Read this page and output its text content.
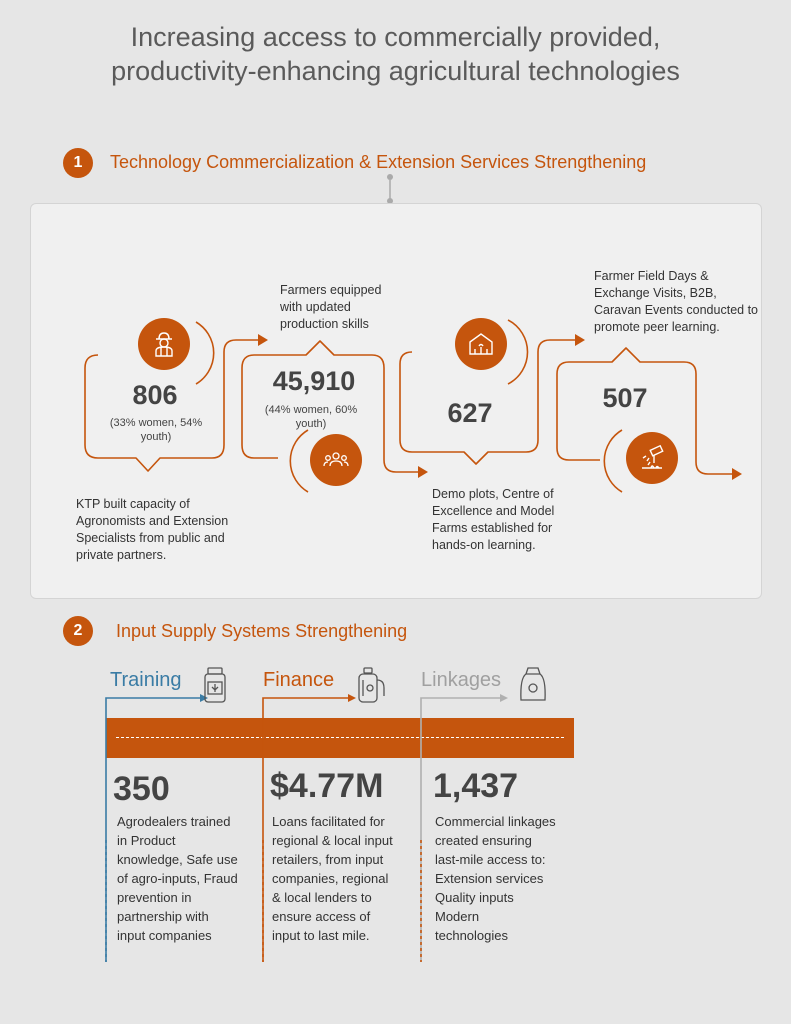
Increasing access to commercially provided,
productivity-enhancing agricultural technologies
1	Technology Commercialization & Extension Services Strengthening
806
(33% women, 54% youth)
KTP built capacity of Agronomists and Extension Specialists from public and private partners.
Farmers equipped with updated production skills
45,910
(44% women, 60% youth)	627
Demo plots, Centre of Excellence and Model Farms established for hands-on learning.
Farmer Field Days & Exchange Visits, B2B, Caravan Events conducted to promote peer learning.
507
2	Input Supply Systems Strengthening
Training
350
Agrodealers trained
in Product
knowledge, Safe use
of agro-inputs, Fraud
prevention in
partnership with
input companies
Finance
$4.77M
Loans facilitated for
regional & local input
retailers, from input
companies, regional
& local lenders to
ensure access of
input to last mile.
Linkages
1,437
Commercial linkages
created ensuring
last-mile access to:
Extension services
Quality inputs
Modern
technologies
